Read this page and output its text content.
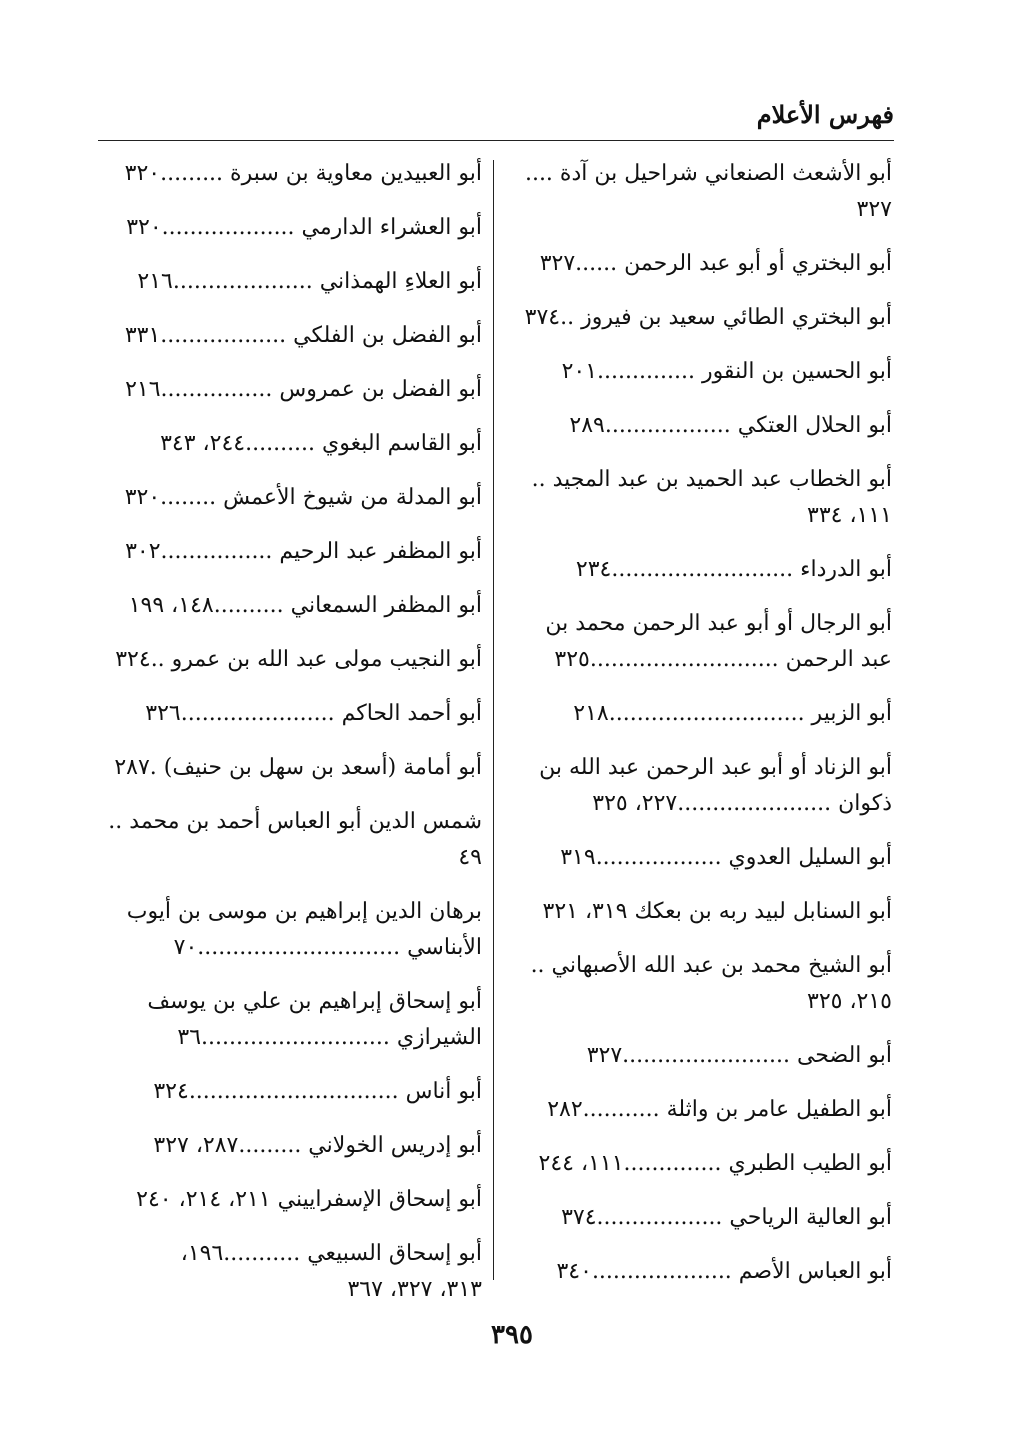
فهرس الأعلام
أبو الأشعث الصنعاني شراحيل بن آدة ....
٣٢٧
أبو البختري أو أبو عبد الرحمن ......٣٢٧
أبو البختري الطائي سعيد بن فيروز ..٣٧٤
أبو الحسين بن النقور ..............٢٠١
أبو الحلال العتكي ..................٢٨٩
أبو الخطاب عبد الحميد بن عبد المجيد ..
١١١، ٣٣٤
أبو الدرداء ..........................٢٣٤
أبو الرجال أو أبو عبد الرحمن محمد بن
عبد الرحمن ...........................٣٢٥
أبو الزبير ............................٢١٨
أبو الزناد أو أبو عبد الرحمن عبد الله بن
ذكوان ......................٢٢٧، ٣٢٥
أبو السليل العدوي ..................٣١٩
أبو السنابل لبيد ربه بن بعكك ٣١٩، ٣٢١
أبو الشيخ محمد بن عبد الله الأصبهاني ..
٢١٥، ٣٢٥
أبو الضحى ........................٣٢٧
أبو الطفيل عامر بن واثلة ...........٢٨٢
أبو الطيب الطبري ..............١١١، ٢٤٤
أبو العالية الرياحي ..................٣٧٤
أبو العباس الأصم ....................٣٤٠
أبو العبيدين معاوية بن سبرة .........٣٢٠
أبو العشراء الدارمي ...................٣٢٠
أبو العلاءِ الهمذاني ....................٢١٦
أبو الفضل بن الفلكي ..................٣٣١
أبو الفضل بن عمروس ................٢١٦
أبو القاسم البغوي ..........٢٤٤، ٣٤٣
أبو المدلة من شيوخ الأعمش ........٣٢٠
أبو المظفر عبد الرحيم ................٣٠٢
أبو المظفر السمعاني ..........١٤٨، ١٩٩
أبو النجيب مولى عبد الله بن عمرو ..٣٢٤
أبو أحمد الحاكم ......................٣٢٦
أبو أمامة (أسعد بن سهل بن حنيف) .٢٨٧
شمس الدين أبو العباس أحمد بن محمد ..
٤٩
برهان الدين إبراهيم بن موسى بن أيوب
الأبناسي .............................٧٠
أبو إسحاق إبراهيم بن علي بن يوسف
الشيرازي ...........................٣٦
أبو أناس ..............................٣٢٤
أبو إدريس الخولاني .........٢٨٧، ٣٢٧
أبو إسحاق الإسفراييني ٢١١، ٢١٤، ٢٤٠
أبو إسحاق السبيعي ...........١٩٦،
٣١٣، ٣٢٧، ٣٦٧
٣٩٥
